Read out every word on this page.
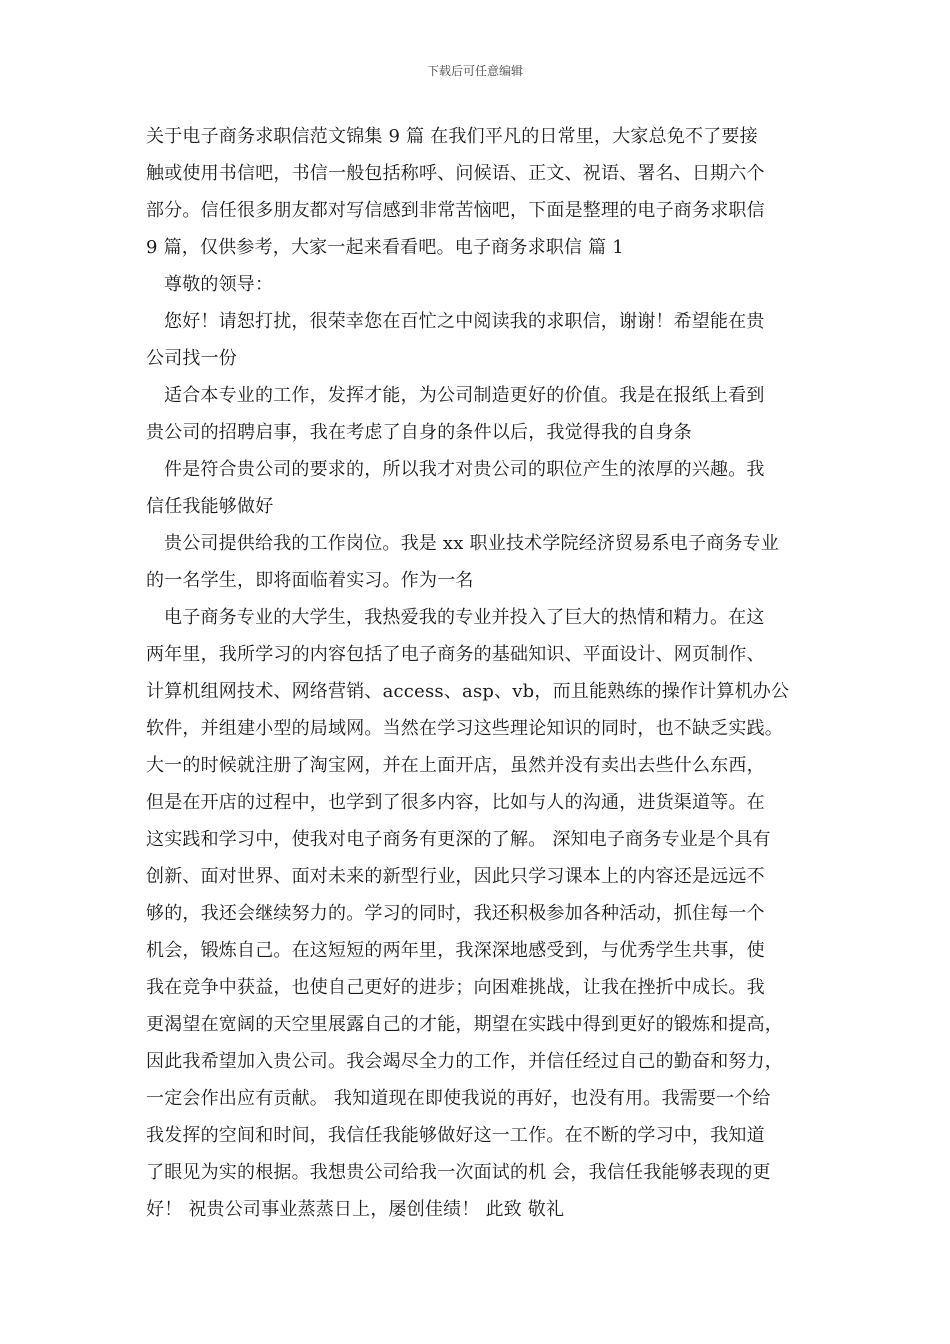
下载后可任意编辑
关于电子商务求职信范文锦集 9 篇 在我们平凡的日常里，大家总免不了要接
触或使用书信吧，书信一般包括称呼、问候语、正文、祝语、署名、日期六个
部分。信任很多朋友都对写信感到非常苦恼吧，下面是整理的电子商务求职信
9 篇，仅供参考，大家一起来看看吧。电子商务求职信 篇 1
尊敬的领导：
您好！请恕打扰，很荣幸您在百忙之中阅读我的求职信，谢谢！希望能在贵
公司找一份
适合本专业的工作，发挥才能，为公司制造更好的价值。我是在报纸上看到
贵公司的招聘启事，我在考虑了自身的条件以后，我觉得我的自身条
件是符合贵公司的要求的，所以我才对贵公司的职位产生的浓厚的兴趣。我
信任我能够做好
贵公司提供给我的工作岗位。我是 xx 职业技术学院经济贸易系电子商务专业
的一名学生，即将面临着实习。作为一名
电子商务专业的大学生，我热爱我的专业并投入了巨大的热情和精力。在这
两年里，我所学习的内容包括了电子商务的基础知识、平面设计、网页制作、
计算机组网技术、网络营销、access、asp、vb，而且能熟练的操作计算机办公
软件，并组建小型的局域网。当然在学习这些理论知识的同时，也不缺乏实践。
大一的时候就注册了淘宝网，并在上面开店，虽然并没有卖出去些什么东西，
但是在开店的过程中，也学到了很多内容，比如与人的沟通，进货渠道等。在
这实践和学习中，使我对电子商务有更深的了解。 深知电子商务专业是个具有
创新、面对世界、面对未来的新型行业，因此只学习课本上的内容还是远远不
够的，我还会继续努力的。学习的同时，我还积极参加各种活动，抓住每一个
机会，锻炼自己。在这短短的两年里，我深深地感受到，与优秀学生共事，使
我在竞争中获益，也使自己更好的进步；向困难挑战，让我在挫折中成长。我
更渴望在宽阔的天空里展露自己的才能，期望在实践中得到更好的锻炼和提高，
因此我希望加入贵公司。我会竭尽全力的工作，并信任经过自己的勤奋和努力，
一定会作出应有贡献。 我知道现在即使我说的再好，也没有用。我需要一个给
我发挥的空间和时间，我信任我能够做好这一工作。在不断的学习中，我知道
了眼见为实的根据。我想贵公司给我一次面试的机 会，我信任我能够表现的更
好！ 祝贵公司事业蒸蒸日上，屡创佳绩！ 此致 敬礼
